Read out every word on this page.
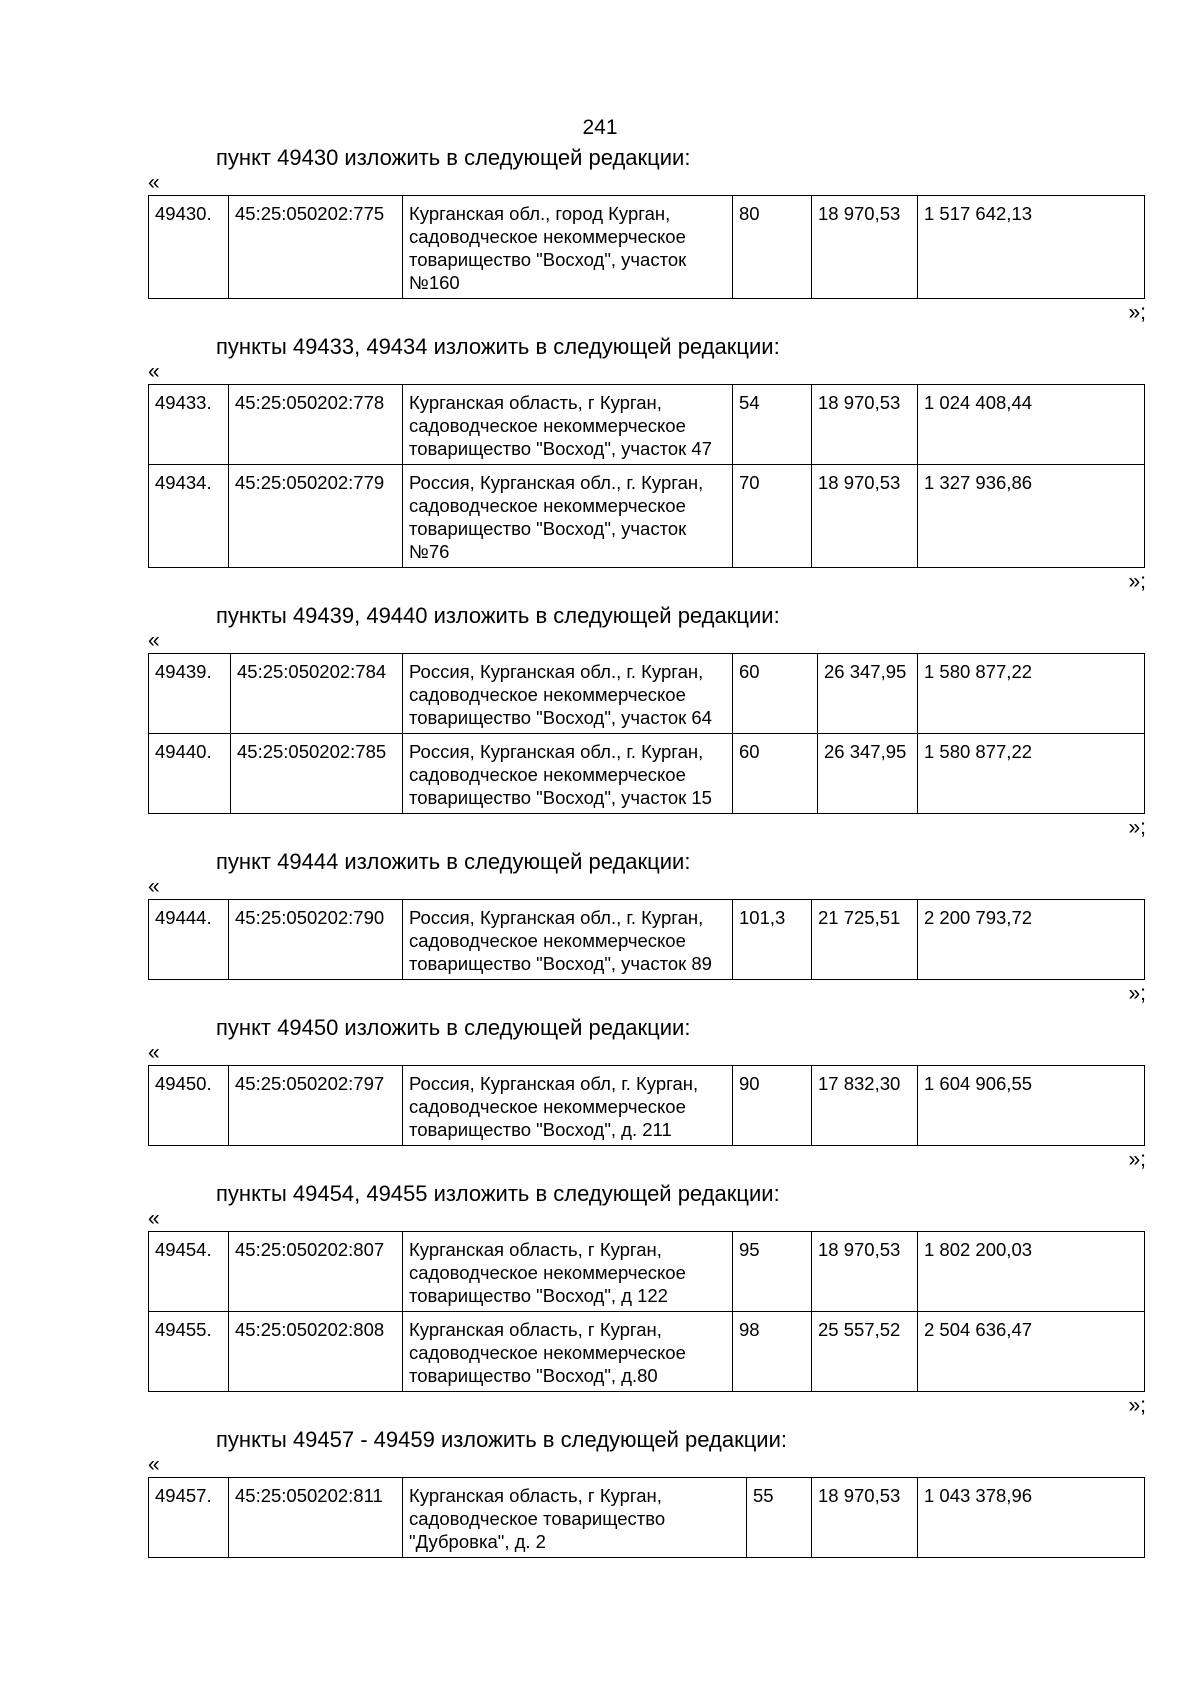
241
пункт 49430 изложить в следующей редакции:
«
49430.	45:25:050202:775	Курганская обл., город Курган, садоводческое некоммерческое товарищество "Восход", участок №160	80	18 970,53	1 517 642,13
»;
пункты 49433, 49434 изложить в следующей редакции:
«
49433.	45:25:050202:778	Курганская область, г Курган, садоводческое некоммерческое товарищество "Восход", участок 47	54	18 970,53	1 024 408,44
49434.	45:25:050202:779	Россия, Курганская обл., г. Курган, садоводческое некоммерческое товарищество "Восход", участок №76	70	18 970,53	1 327 936,86
»;
пункты 49439, 49440 изложить в следующей редакции:
«
49439.	45:25:050202:784	Россия, Курганская обл., г. Курган, садоводческое некоммерческое товарищество "Восход", участок 64	60	26 347,95	1 580 877,22
49440.	45:25:050202:785	Россия, Курганская обл., г. Курган, садоводческое некоммерческое товарищество "Восход", участок 15	60	26 347,95	1 580 877,22
»;
пункт 49444 изложить в следующей редакции:
«
49444.	45:25:050202:790	Россия, Курганская обл., г. Курган, садоводческое некоммерческое товарищество "Восход", участок 89	101,3	21 725,51	2 200 793,72
»;
пункт 49450 изложить в следующей редакции:
«
49450.	45:25:050202:797	Россия, Курганская обл, г. Курган, садоводческое некоммерческое товарищество "Восход", д. 211	90	17 832,30	1 604 906,55
»;
пункты 49454, 49455 изложить в следующей редакции:
«
49454.	45:25:050202:807	Курганская область, г Курган, садоводческое некоммерческое товарищество "Восход", д 122	95	18 970,53	1 802 200,03
49455.	45:25:050202:808	Курганская область, г Курган, садоводческое некоммерческое товарищество "Восход", д.80	98	25 557,52	2 504 636,47
»;
пункты 49457 - 49459 изложить в следующей редакции:
«
49457.	45:25:050202:811	Курганская область, г Курган, садоводческое товарищество "Дубровка", д. 2	55	18 970,53	1 043 378,96
